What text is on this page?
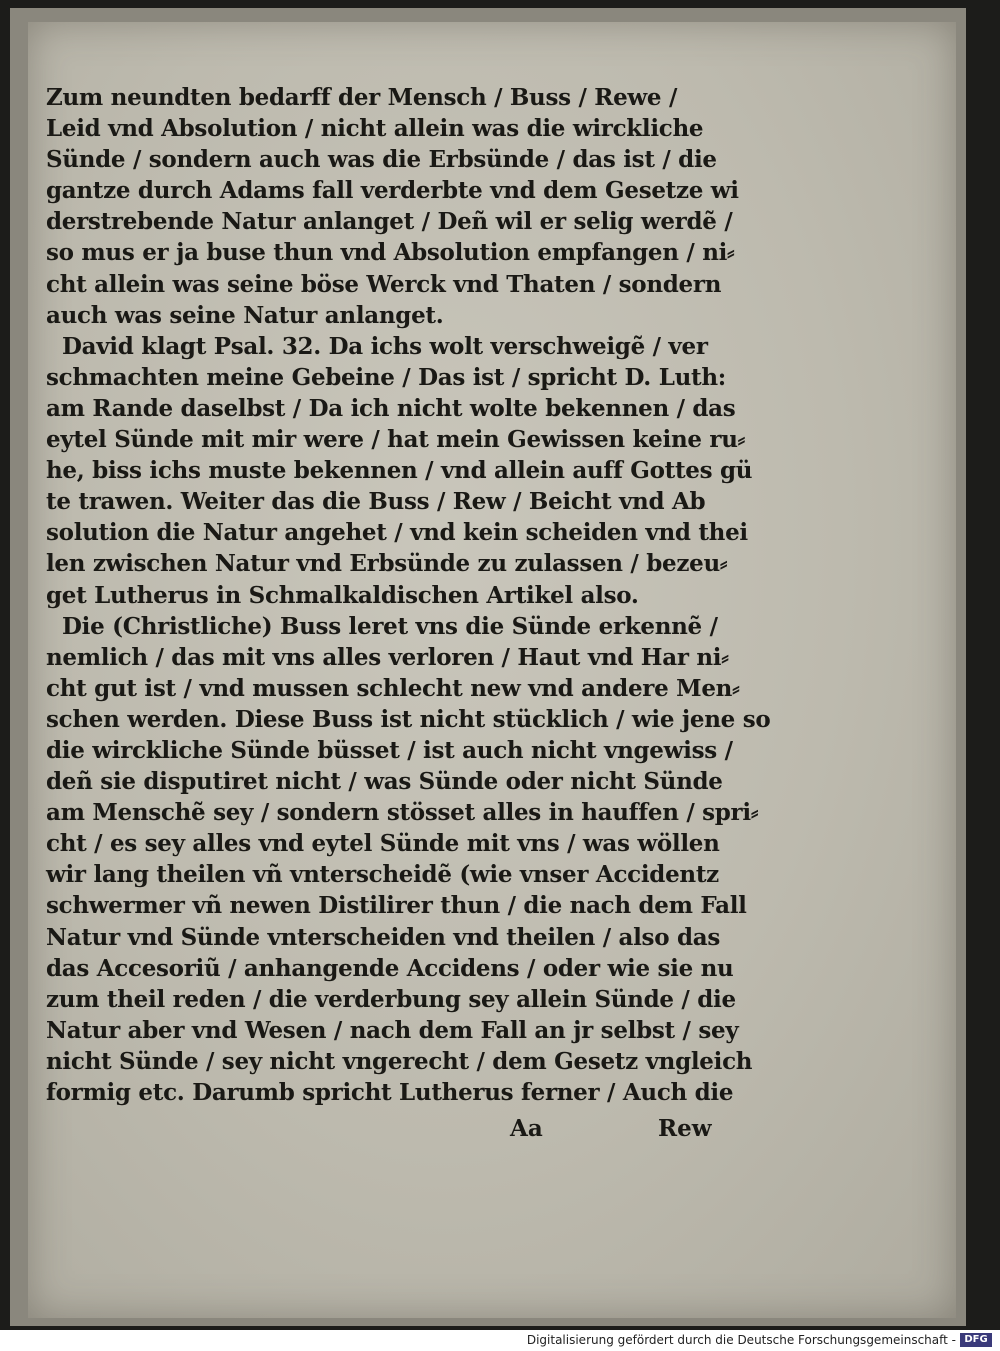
Zum neundten bedarff der Mensch / Buss / Rewe /
Leid vnd Absolution / nicht allein was die wirckliche
Sünde / sondern auch was die Erbsünde / das ist / die
gantze durch Adams fall verderbte vnd dem Gesetze wi
derstrebende Natur anlanget / Deñ wil er selig werdẽ /
so mus er ja buse thun vnd Absolution empfangen / ni⸗
cht allein was seine böse Werck vnd Thaten / sondern
auch was seine Natur anlanget.
David klagt Psal. 32. Da ichs wolt verschweigẽ / ver
schmachten meine Gebeine / Das ist / spricht D. Luth:
am Rande daselbst / Da ich nicht wolte bekennen / das
eytel Sünde mit mir were / hat mein Gewissen keine ru⸗
he, biss ichs muste bekennen / vnd allein auff Gottes gü
te trawen. Weiter das die Buss / Rew / Beicht vnd Ab
solution die Natur angehet / vnd kein scheiden vnd thei
len zwischen Natur vnd Erbsünde zu zulassen / bezeu⸗
get Lutherus in Schmalkaldischen Artikel also.
Die (Christliche) Buss leret vns die Sünde erkennẽ /
nemlich / das mit vns alles verloren / Haut vnd Har ni⸗
cht gut ist / vnd mussen schlecht new vnd andere Men⸗
schen werden. Diese Buss ist nicht stücklich / wie jene so
die wirckliche Sünde büsset / ist auch nicht vngewiss /
deñ sie disputiret nicht / was Sünde oder nicht Sünde
am Menschẽ sey / sondern stösset alles in hauffen / spri⸗
cht / es sey alles vnd eytel Sünde mit vns / was wöllen
wir lang theilen vñ vnterscheidẽ (wie vnser Accidentz
schwermer vñ newen Distilirer thun / die nach dem Fall
Natur vnd Sünde vnterscheiden vnd theilen / also das
das Accesoriũ / anhangende Accidens / oder wie sie nu
zum theil reden / die verderbung sey allein Sünde / die
Natur aber vnd Wesen / nach dem Fall an jr selbst / sey
nicht Sünde / sey nicht vngerecht / dem Gesetz vngleich
formig etc. Darumb spricht Lutherus ferner / Auch die
Aa	Rew
Digitalisierung gefördert durch die Deutsche Forschungsgemeinschaft - DFG
